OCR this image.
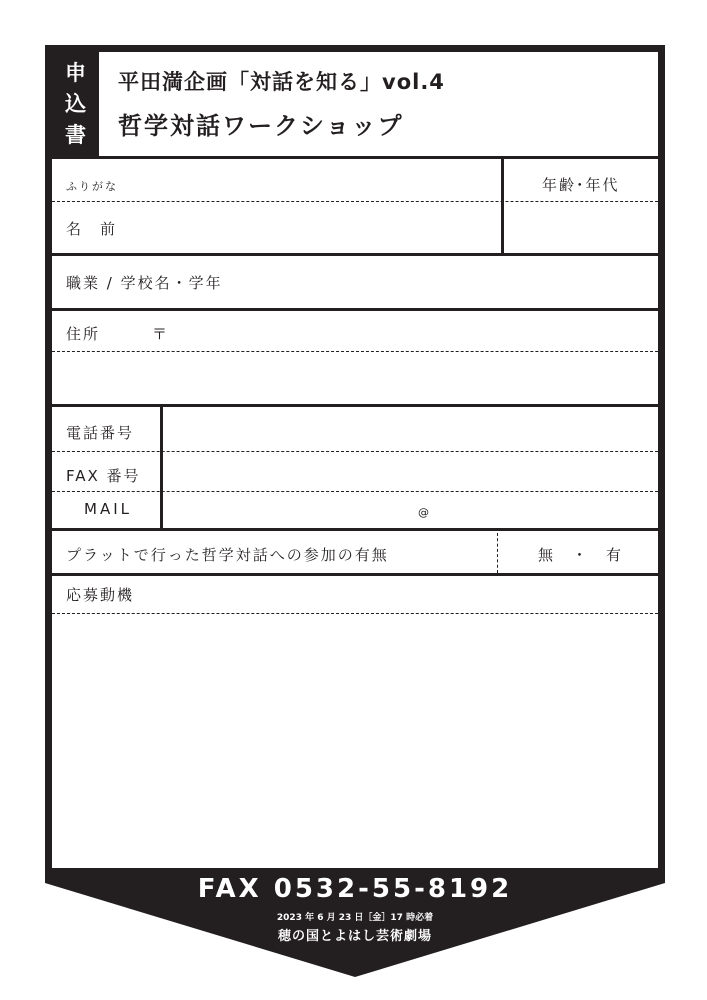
申
込
書
平田満企画「対話を知る」vol.4
哲学対話ワークショップ
ふりがな	年齢･年代
名　前
職業 / 学校名・学年
住所	〒
電話番号
FAX 番号
MAIL	@
プラットで行った哲学対話への参加の有無	無　・　有
応募動機
FAX 0532-55-8192
2023 年 6 月 23 日［金］17 時必着
穂の国とよはし芸術劇場
